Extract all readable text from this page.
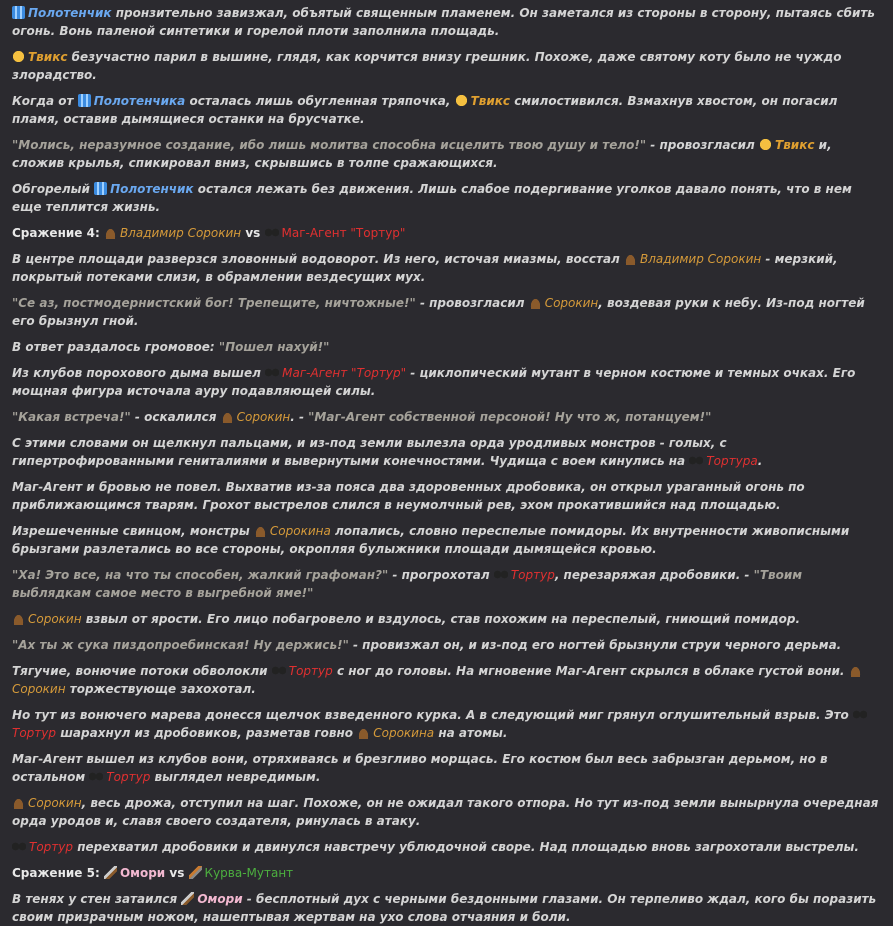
Полотенчик пронзительно завизжал, объятый священным пламенем. Он заметался из стороны в сторону, пытаясь сбить огонь. Вонь паленой синтетики и горелой плоти заполнила площадь.

Твикс безучастно парил в вышине, глядя, как корчится внизу грешник. Похоже, даже святому коту было не чуждо злорадство.

Когда от Полотенчика осталась лишь обугленная тряпочка, Твикс смилостивился. Взмахнув хвостом, он погасил пламя, оставив дымящиеся останки на брусчатке.

"Молись, неразумное создание, ибо лишь молитва способна исцелить твою душу и тело!" - провозгласил Твикс и, сложив крылья, спикировал вниз, скрывшись в толпе сражающихся.

Обгорелый Полотенчик остался лежать без движения. Лишь слабое подергивание уголков давало понять, что в нем еще теплится жизнь.

Сражение 4: Владимир Сорокин vs Маг-Агент "Тортур"

В центре площади разверзся зловонный водоворот. Из него, источая миазмы, восстал Владимир Сорокин - мерзкий, покрытый потеками слизи, в обрамлении вездесущих мух.

"Се аз, постмодернистский бог! Трепещите, ничтожные!" - провозгласил Сорокин, воздевая руки к небу. Из-под ногтей его брызнул гной.

В ответ раздалось громовое: "Пошел нахуй!"

Из клубов порохового дыма вышел Маг-Агент "Тортур" - циклопический мутант в черном костюме и темных очках. Его мощная фигура источала ауру подавляющей силы.

"Какая встреча!" - оскалился Сорокин. - "Маг-Агент собственной персоной! Ну что ж, потанцуем!"

С этими словами он щелкнул пальцами, и из-под земли вылезла орда уродливых монстров - голых, с гипертрофированными гениталиями и вывернутыми конечностями. Чудища с воем кинулись на Тортура.

Маг-Агент и бровью не повел. Выхватив из-за пояса два здоровенных дробовика, он открыл ураганный огонь по приближающимся тварям. Грохот выстрелов слился в неумолчный рев, эхом прокатившийся над площадью.

Изрешеченные свинцом, монстры Сорокина лопались, словно переспелые помидоры. Их внутренности живописными брызгами разлетались во все стороны, окропляя булыжники площади дымящейся кровью.

"Ха! Это все, на что ты способен, жалкий графоман?" - прогрохотал Тортур, перезаряжая дробовики. - "Твоим выблядкам самое место в выгребной яме!"

Сорокин взвыл от ярости. Его лицо побагровело и вздулось, став похожим на переспелый, гниющий помидор.

"Ах ты ж сука пиздопроебинская! Ну держись!" - провизжал он, и из-под его ногтей брызнули струи черного дерьма.

Тягучие, вонючие потоки обволокли Тортур с ног до головы. На мгновение Маг-Агент скрылся в облаке густой вони. Сорокин торжествующе захохотал.

Но тут из вонючего марева донесся щелчок взведенного курка. А в следующий миг грянул оглушительный взрыв. Это Тортур шарахнул из дробовиков, разметав говно Сорокина на атомы.

Маг-Агент вышел из клубов вони, отряхиваясь и брезгливо морщась. Его костюм был весь забрызган дерьмом, но в остальном Тортур выглядел невредимым.

Сорокин, весь дрожа, отступил на шаг. Похоже, он не ожидал такого отпора. Но тут из-под земли вынырнула очередная орда уродов и, славя своего создателя, ринулась в атаку.

Тортур перехватил дробовики и двинулся навстречу ублюдочной своре. Над площадью вновь загрохотали выстрелы.

Сражение 5: Омори vs Курва-Мутант

В тенях у стен затаился Омори - бесплотный дух с черными бездонными глазами. Он терпеливо ждал, кого бы поразить своим призрачным ножом, нашептывая жертвам на ухо слова отчаяния и боли.
